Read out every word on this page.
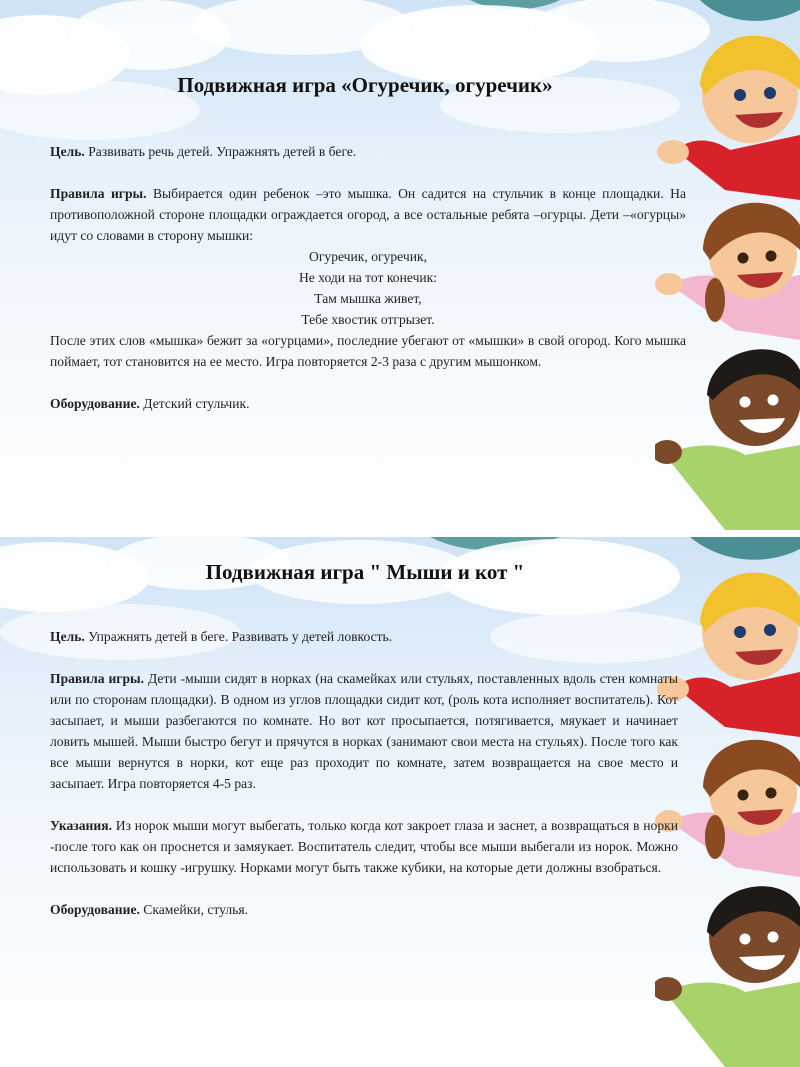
Подвижная игра «Огуречик, огуречик»

Цель. Развивать речь детей. Упражнять детей в беге.

Правила игры. Выбирается один ребенок –это мышка. Он садится на стульчик в конце площадки. На противоположной стороне площадки ограждается огород, а все остальные ребята –огурцы. Дети –«огурцы» идут со словами в сторону мышки:

Огуречик, огуречик,

Не ходи на тот конечик:

Там мышка живет,

Тебе хвостик отгрызет.

После этих слов «мышка» бежит за «огурцами», последние убегают от «мышки» в свой огород. Кого мышка поймает, тот становится на ее место. Игра повторяется 2-3 раза с другим мышонком.

Оборудование. Детский стульчик.

Подвижная игра " Мыши и кот "

Цель. Упражнять детей в беге. Развивать у детей ловкость.

Правила игры. Дети -мыши сидят в норках (на скамейках или стульях, поставленных вдоль стен комнаты или по сторонам площадки). В одном из углов площадки сидит кот, (роль кота исполняет воспитатель). Кот засыпает, и мыши разбегаются по комнате. Но вот кот просыпается, потягивается, мяукает и начинает ловить мышей. Мыши быстро бегут и прячутся в норках (занимают свои места на стульях). После того как все мыши вернутся в норки, кот еще раз проходит по комнате, затем возвращается на свое место и засыпает. Игра повторяется 4-5 раз.

Указания. Из норок мыши могут выбегать, только когда кот закроет глаза и заснет, а возвращаться в норки -после того как он проснется и замяукает. Воспитатель следит, чтобы все мыши выбегали из норок. Можно использовать и кошку -игрушку. Норками могут быть также кубики, на которые дети должны взобраться.

Оборудование. Скамейки, стулья.
